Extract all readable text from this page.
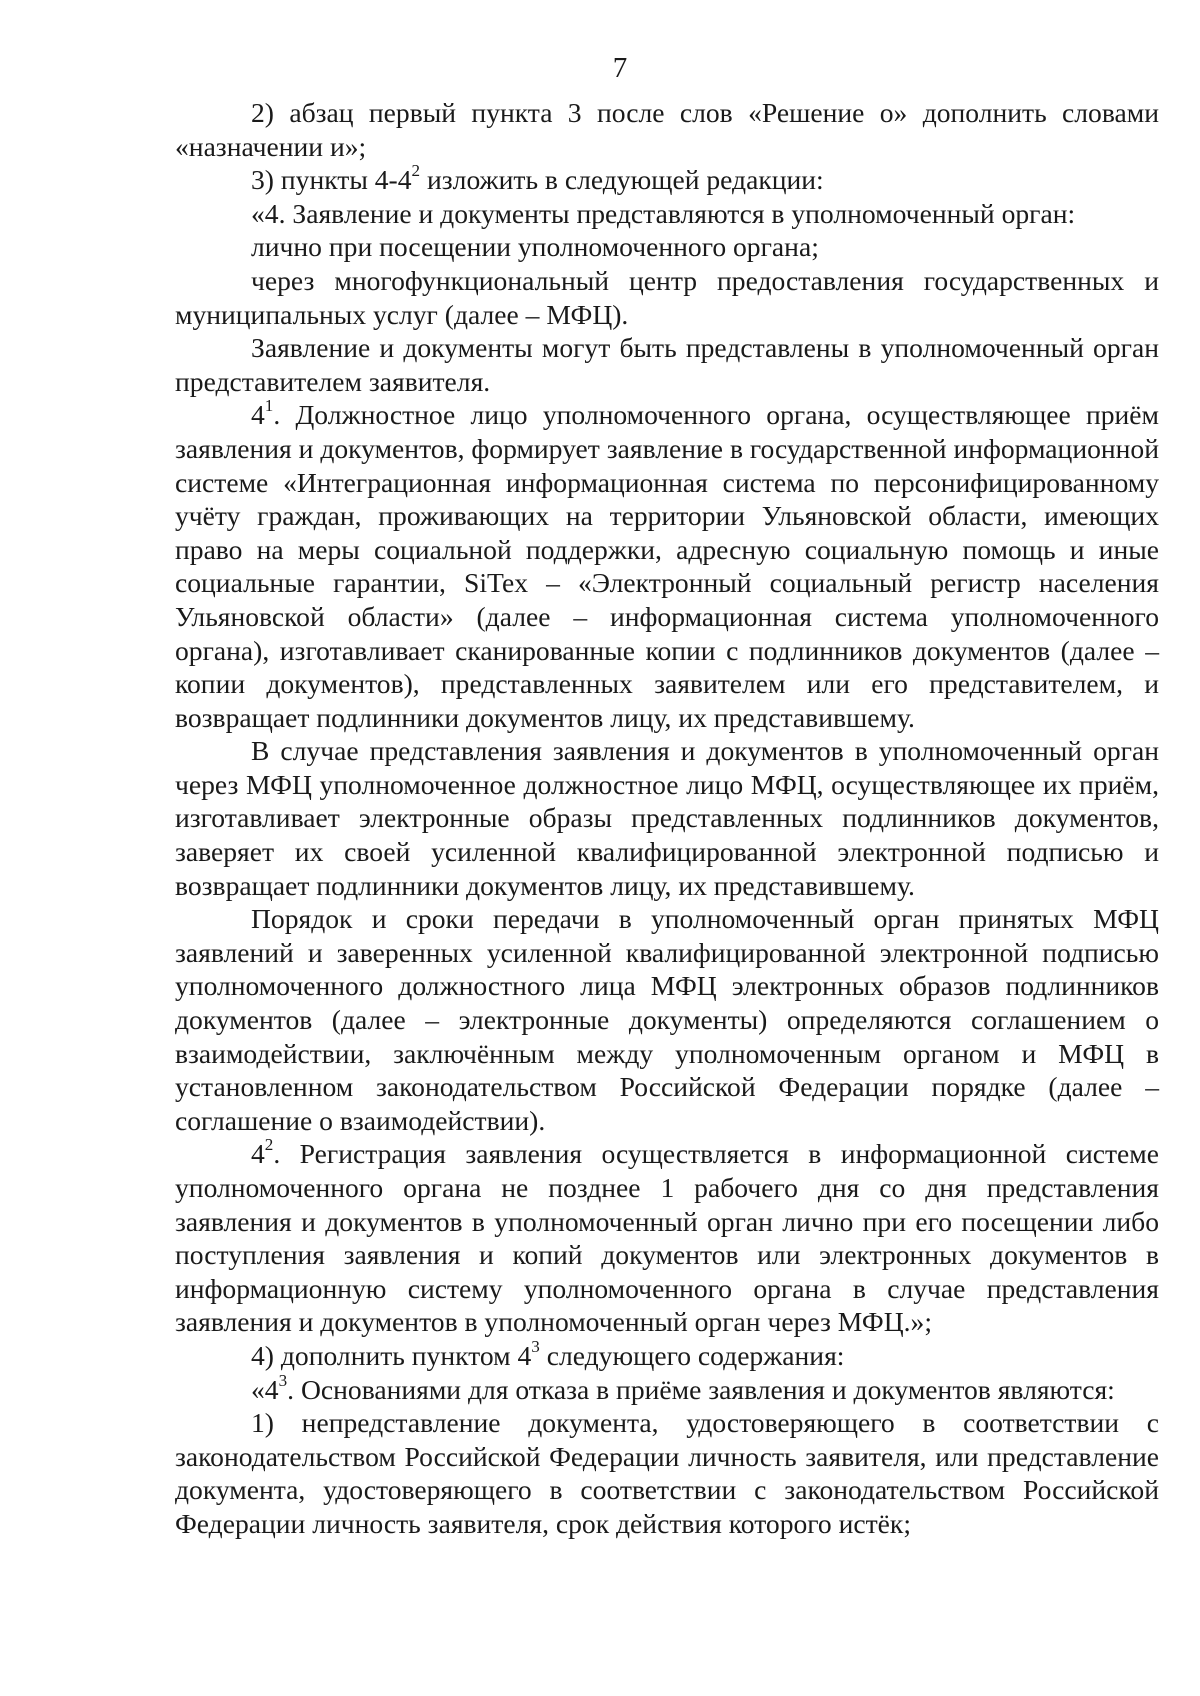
7

2) абзац первый пункта 3 после слов «Решение о» дополнить словами «назначении и»;

3) пункты $4-4^2$ изложить в следующей редакции:

«4. Заявление и документы представляются в уполномоченный орган:

лично при посещении уполномоченного органа;

через многофункциональный центр предоставления государственных и муниципальных услуг (далее – МФЦ).

Заявление и документы могут быть представлены в уполномоченный орган представителем заявителя.

$4^1$. Должностное лицо уполномоченного органа, осуществляющее приём заявления и документов, формирует заявление в государственной информационной системе «Интеграционная информационная система по персонифицированному учёту граждан, проживающих на территории Ульяновской области, имеющих право на меры социальной поддержки, адресную социальную помощь и иные социальные гарантии, SiTex – «Электронный социальный регистр населения Ульяновской области» (далее – информационная система уполномоченного органа), изготавливает сканированные копии с подлинников документов (далее – копии документов), представленных заявителем или его представителем, и возвращает подлинники документов лицу, их представившему.

В случае представления заявления и документов в уполномоченный орган через МФЦ уполномоченное должностное лицо МФЦ, осуществляющее их приём, изготавливает электронные образы представленных подлинников документов, заверяет их своей усиленной квалифицированной электронной подписью и возвращает подлинники документов лицу, их представившему.

Порядок и сроки передачи в уполномоченный орган принятых МФЦ заявлений и заверенных усиленной квалифицированной электронной подписью уполномоченного должностного лица МФЦ электронных образов подлинников документов (далее – электронные документы) определяются соглашением о взаимодействии, заключённым между уполномоченным органом и МФЦ в установленном законодательством Российской Федерации порядке (далее – соглашение о взаимодействии).

$4^2$. Регистрация заявления осуществляется в информационной системе уполномоченного органа не позднее 1 рабочего дня со дня представления заявления и документов в уполномоченный орган лично при его посещении либо поступления заявления и копий документов или электронных документов в информационную систему уполномоченного органа в случае представления заявления и документов в уполномоченный орган через МФЦ.»;

4) дополнить пунктом $4^3$ следующего содержания:

«$4^3$. Основаниями для отказа в приёме заявления и документов являются:

1) непредставление документа, удостоверяющего в соответствии с законодательством Российской Федерации личность заявителя, или представление документа, удостоверяющего в соответствии с законодательством Российской Федерации личность заявителя, срок действия которого истёк;
